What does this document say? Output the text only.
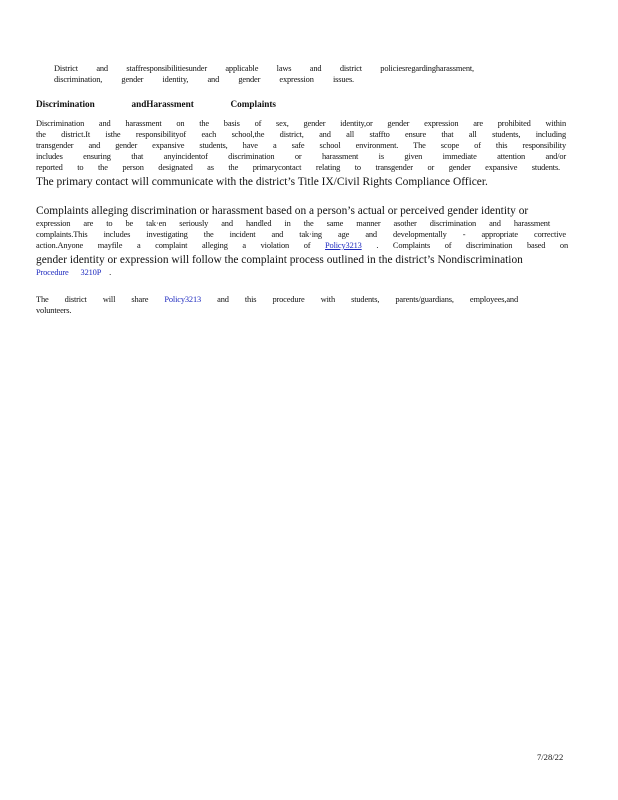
District and staffresponsibilitiesunder applicable laws and district policiesregardingharassment,
discrimination, gender identity, and gender expression issues.
Discrimination andHarassment Complaints
Discrimination and harassment on the basis of sex, gender identity,or gender expression are prohibited within
the district.It isthe responsibilityof each school,the district, and all staffto ensure that all students, including
transgender and gender expansive students, have a safe school environment. The scope of this responsibility
includes ensuring that anyincidentof discrimination or harassment is given immediate attention and/or
reported to the person designated as the primarycontact relating to transgender or gender expansive students.
The primary contact will communicate with the district’s Title IX/Civil Rights Compliance Officer.
Complaints alleging discrimination or harassment based on a person’s actual or perceived gender identity or
expression are to be tak·en seriously and handled in the same manner asother discrimination and harassment
complaints.This includes investigating the incident and tak·ing age and developmentally - appropriate corrective
action.Anyone mayfile a complaint alleging a violation of Policy3213 . Complaints of discrimination based on
gender identity or expression will follow the complaint process outlined in the district’s Nondiscrimination
Procedure 3210P .
The district will share Policy3213 and this procedure with students, parents/guardians, employees,and
volunteers.
7/28/22
